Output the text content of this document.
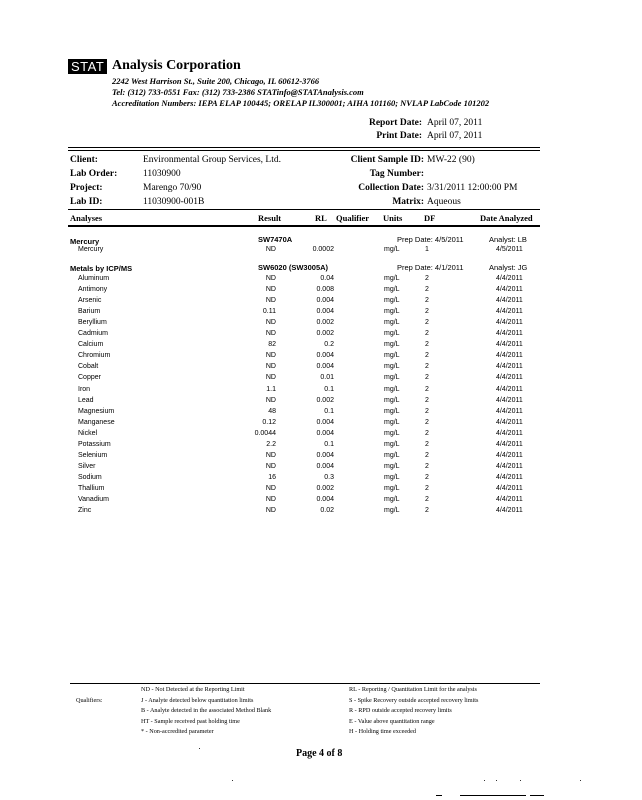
STAT Analysis Corporation
2242 West Harrison St., Suite 200, Chicago, IL 60612-3766
Tel: (312) 733-0551 Fax: (312) 733-2386 STATinfo@STATAnalysis.com
Accreditation Numbers: IEPA ELAP 100445; ORELAP IL300001; AIHA 101160; NVLAP LabCode 101202
Report Date: April 07, 2011
Print Date: April 07, 2011
Client:	Environmental Group Services, Ltd.
Lab Order:	11030900
Project:	Marengo 70/90
Lab ID:	11030900-001B
Client Sample ID: MW-22 (90)
Tag Number:
Collection Date: 3/31/2011 12:00:00 PM
Matrix: Aqueous
Analyses	Result	RL Qualifier Units	DF	Date Analyzed
Mercury	SW7470A	Prep Date: 4/5/2011	Analyst: LB
Mercury	ND	0.0002	mg/L	1	4/5/2011
Metals by ICP/MS	SW6020 (SW3005A)	Prep Date: 4/1/2011	Analyst: JG
Aluminum	ND	0.04	mg/L	2	4/4/2011
Antimony	ND	0.008	mg/L	2	4/4/2011
Arsenic	ND	0.004	mg/L	2	4/4/2011
Barium	0.11	0.004	mg/L	2	4/4/2011
Beryllium	ND	0.002	mg/L	2	4/4/2011
Cadmium	ND	0.002	mg/L	2	4/4/2011
Calcium	82	0.2	mg/L	2	4/4/2011
Chromium	ND	0.004	mg/L	2	4/4/2011
Cobalt	ND	0.004	mg/L	2	4/4/2011
Copper	ND	0.01	mg/L	2	4/4/2011
Iron	1.1	0.1	mg/L	2	4/4/2011
Lead	ND	0.002	mg/L	2	4/4/2011
Magnesium	48	0.1	mg/L	2	4/4/2011
Manganese	0.12	0.004	mg/L	2	4/4/2011
Nickel	0.0044	0.004	mg/L	2	4/4/2011
Potassium	2.2	0.1	mg/L	2	4/4/2011
Selenium	ND	0.004	mg/L	2	4/4/2011
Silver	ND	0.004	mg/L	2	4/4/2011
Sodium	16	0.3	mg/L	2	4/4/2011
Thallium	ND	0.002	mg/L	2	4/4/2011
Vanadium	ND	0.004	mg/L	2	4/4/2011
Zinc	ND	0.02	mg/L	2	4/4/2011
Qualifiers:
ND - Not Detected at the Reporting Limit
J - Analyte detected below quantitation limits
B - Analyte detected in the associated Method Blank
HT - Sample received past holding time
* - Non-accredited parameter
RL - Reporting / Quantitation Limit for the analysis
S - Spike Recovery outside accepted recovery limits
R - RPD outside accepted recovery limits
E - Value above quantitation range
H - Holding time exceeded
Page 4 of 8
